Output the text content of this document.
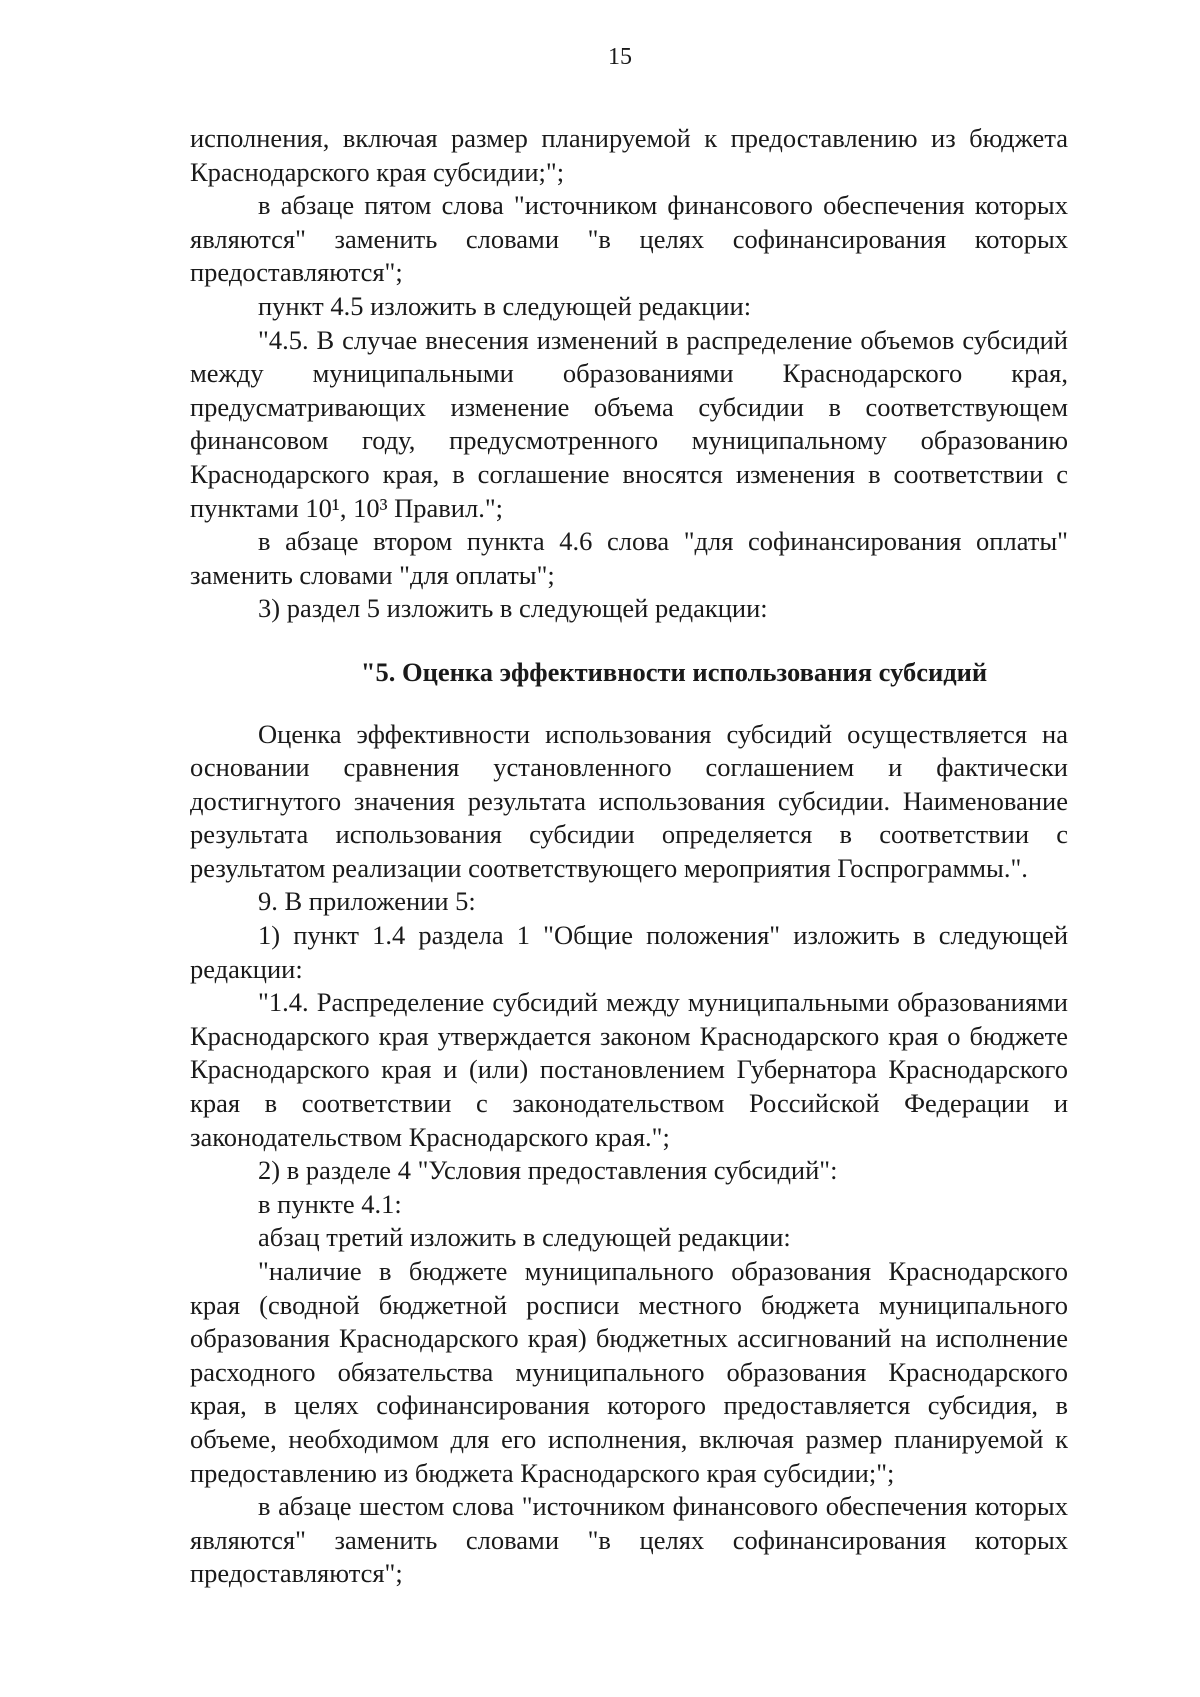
15

исполнения, включая размер планируемой к предоставлению из бюджета Краснодарского края субсидии;";

в абзаце пятом слова "источником финансового обеспечения которых являются" заменить словами "в целях софинансирования которых предоставляются";

пункт 4.5 изложить в следующей редакции:

"4.5. В случае внесения изменений в распределение объемов субсидий между муниципальными образованиями Краснодарского края, предусматривающих изменение объема субсидии в соответствующем финансовом году, предусмотренного муниципальному образованию Краснодарского края, в соглашение вносятся изменения в соответствии с пунктами 10¹, 10³ Правил.";

в абзаце втором пункта 4.6 слова "для софинансирования оплаты" заменить словами "для оплаты";

3) раздел 5 изложить в следующей редакции:

"5. Оценка эффективности использования субсидий

Оценка эффективности использования субсидий осуществляется на основании сравнения установленного соглашением и фактически достигнутого значения результата использования субсидии. Наименование результата использования субсидии определяется в соответствии с результатом реализации соответствующего мероприятия Госпрограммы.".

9. В приложении 5:

1) пункт 1.4 раздела 1 "Общие положения" изложить в следующей редакции:

"1.4. Распределение субсидий между муниципальными образованиями Краснодарского края утверждается законом Краснодарского края о бюджете Краснодарского края и (или) постановлением Губернатора Краснодарского края в соответствии с законодательством Российской Федерации и законодательством Краснодарского края.";

2) в разделе 4 "Условия предоставления субсидий":

в пункте 4.1:

абзац третий изложить в следующей редакции:

"наличие в бюджете муниципального образования Краснодарского края (сводной бюджетной росписи местного бюджета муниципального образования Краснодарского края) бюджетных ассигнований на исполнение расходного обязательства муниципального образования Краснодарского края, в целях софинансирования которого предоставляется субсидия, в объеме, необходимом для его исполнения, включая размер планируемой к предоставлению из бюджета Краснодарского края субсидии;";

в абзаце шестом слова "источником финансового обеспечения которых являются" заменить словами "в целях софинансирования которых предоставляются";
